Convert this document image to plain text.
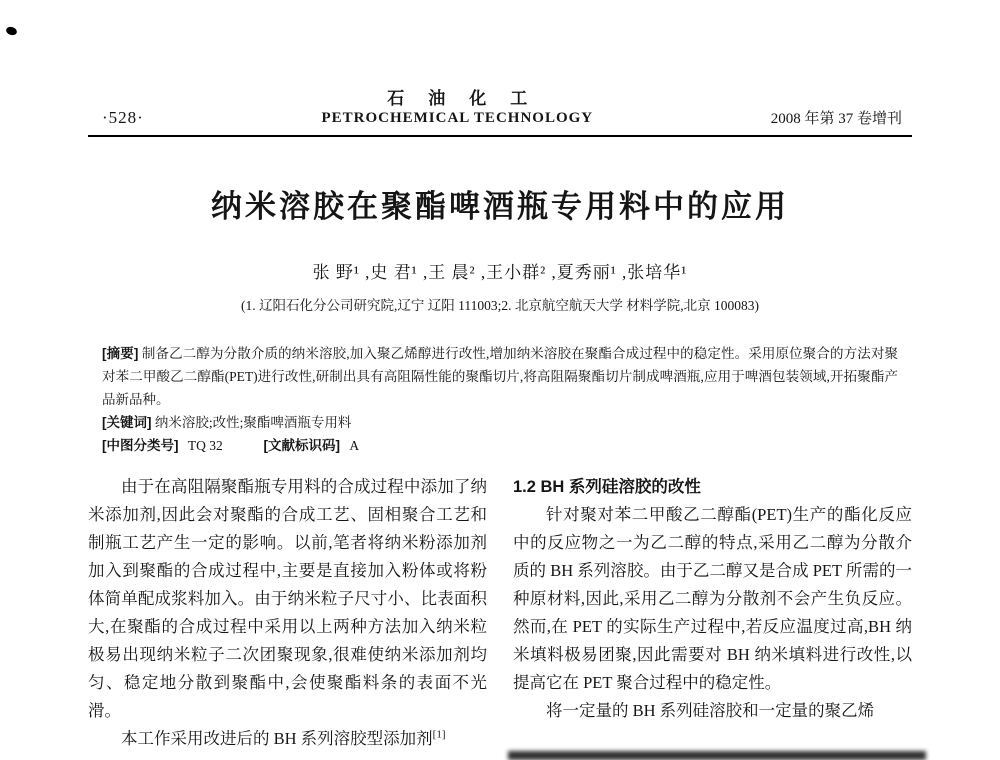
·528·
石油化工
PETROCHEMICAL TECHNOLOGY	2008 年第 37 卷增刊
纳米溶胶在聚酯啤酒瓶专用料中的应用
张 野¹ ,史 君¹ ,王 晨² ,王小群² ,夏秀丽¹ ,张培华¹
(1. 辽阳石化分公司研究院,辽宁 辽阳 111003;2. 北京航空航天大学 材料学院,北京 100083)

[摘要] 制备乙二醇为分散介质的纳米溶胶,加入聚乙烯醇进行改性,增加纳米溶胶在聚酯合成过程中的稳定性。采用原位聚合的方法对聚对苯二甲酸乙二醇酯(PET)进行改性,研制出具有高阻隔性能的聚酯切片,将高阻隔聚酯切片制成啤酒瓶,应用于啤酒包装领域,开拓聚酯产品新品种。

[关键词] 纳米溶胶;改性;聚酯啤酒瓶专用料

[中图分类号] TQ 32	[文献标识码] A

由于在高阻隔聚酯瓶专用料的合成过程中添加了纳米添加剂,因此会对聚酯的合成工艺、固相聚合工艺和制瓶工艺产生一定的影响。以前,笔者将纳米粉添加剂加入到聚酯的合成过程中,主要是直接加入粉体或将粉体简单配成浆料加入。由于纳米粒子尺寸小、比表面积大,在聚酯的合成过程中采用以上两种方法加入纳米粒极易出现纳米粒子二次团聚现象,很难使纳米添加剂均匀、稳定地分散到聚酯中,会使聚酯料条的表面不光滑。

本工作采用改进后的 BH 系列溶胶型添加剂[1]

1.2 BH 系列硅溶胶的改性

针对聚对苯二甲酸乙二醇酯(PET)生产的酯化反应中的反应物之一为乙二醇的特点,采用乙二醇为分散介质的 BH 系列溶胶。由于乙二醇又是合成 PET 所需的一种原材料,因此,采用乙二醇为分散剂不会产生负反应。然而,在 PET 的实际生产过程中,若反应温度过高,BH 纳米填料极易团聚,因此需要对 BH 纳米填料进行改性,以提高它在 PET 聚合过程中的稳定性。

将一定量的 BH 系列硅溶胶和一定量的聚乙烯
